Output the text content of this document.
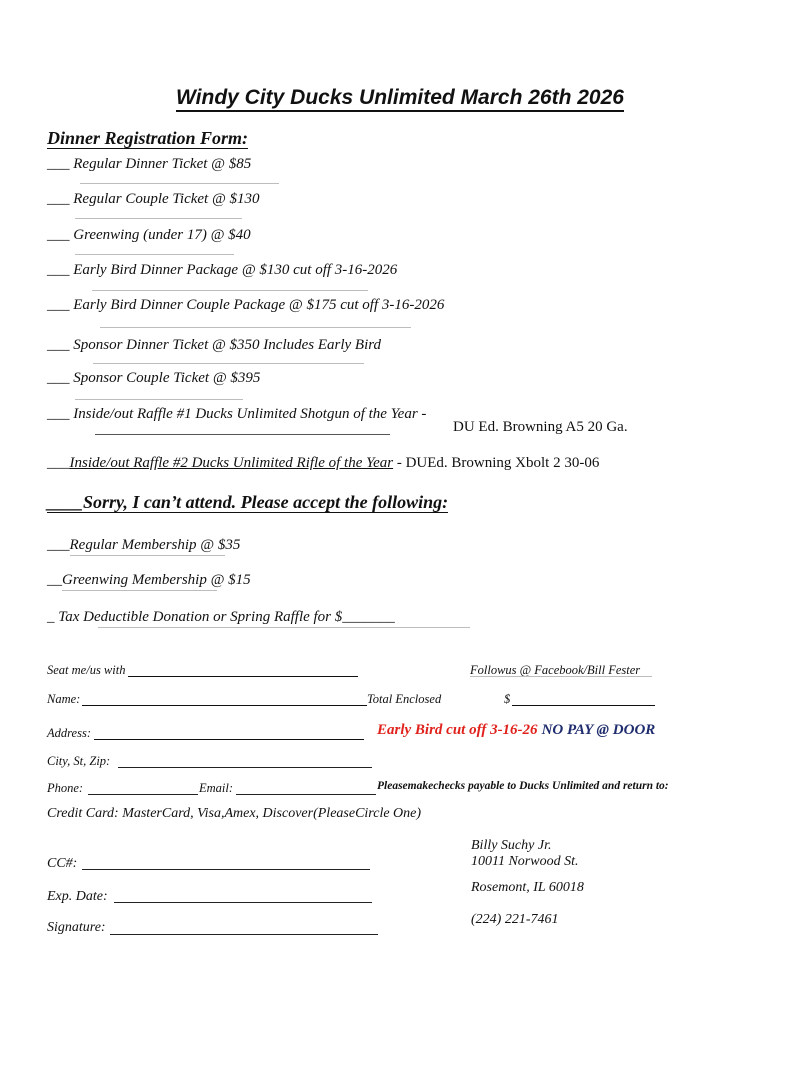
Windy City Ducks Unlimited March 26th 2026
Dinner Registration Form:
___ Regular Dinner Ticket @ $85
___ Regular Couple Ticket @ $130
___ Greenwing (under 17) @ $40
___ Early Bird Dinner Package @ $130 cut off 3-16-2026
___ Early Bird Dinner Couple Package @ $175 cut off 3-16-2026
___ Sponsor Dinner Ticket @ $350 Includes Early Bird
___ Sponsor Couple Ticket @ $395
___ Inside/out Raffle #1 Ducks Unlimited Shotgun of the Year -
DU Ed. Browning A5 20 Ga.
___Inside/out Raffle #2 Ducks Unlimited Rifle of the Year - DUEd. Browning Xbolt 2 30-06
____Sorry, I can’t attend. Please accept the following:
___Regular Membership @ $35
__Greenwing Membership @ $15
_ Tax Deductible Donation or Spring Raffle for $_______
Seat me/us with	Followus @ Facebook/Bill Fester
Name:	Total Enclosed	$
Address:	Early Bird cut off 3-16-26 NO PAY @ DOOR
City, St, Zip:
Phone:	Email:	Pleasemakechecks payable to Ducks Unlimited and return to:
Credit Card: MasterCard, Visa,Amex, Discover(PleaseCircle One)
CC#:
Exp. Date:
Signature:
Billy Suchy Jr.
10011 Norwood St.
Rosemont, IL 60018
(224) 221-7461
